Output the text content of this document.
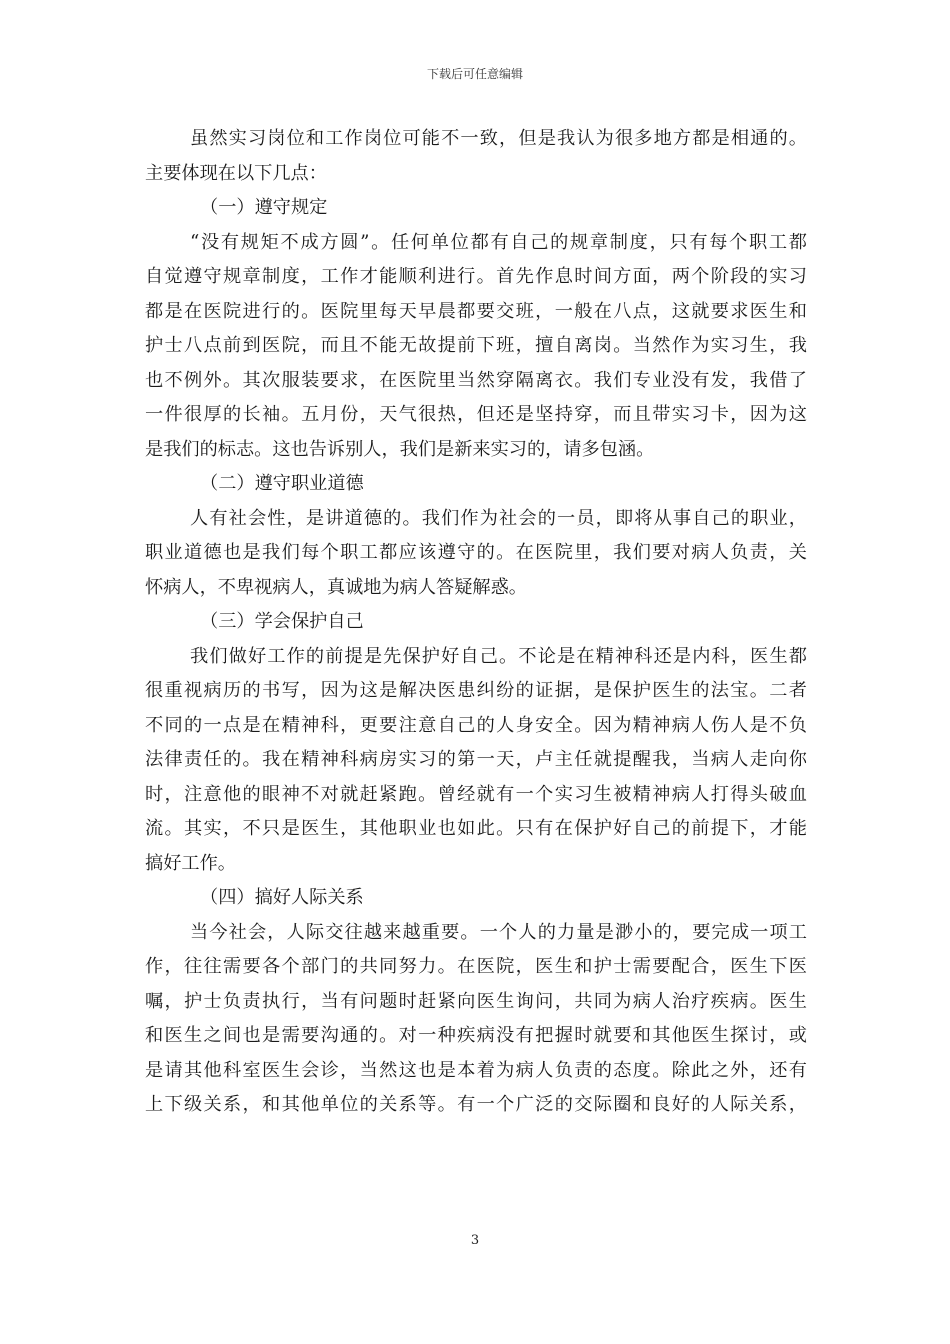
下载后可任意编辑
虽然实习岗位和工作岗位可能不一致，但是我认为很多地方都是相通的。
主要体现在以下几点：
（一）遵守规定
“没有规矩不成方圆”。任何单位都有自己的规章制度，只有每个职工都
自觉遵守规章制度，工作才能顺利进行。首先作息时间方面，两个阶段的实习
都是在医院进行的。医院里每天早晨都要交班，一般在八点，这就要求医生和
护士八点前到医院，而且不能无故提前下班，擅自离岗。当然作为实习生，我
也不例外。其次服装要求，在医院里当然穿隔离衣。我们专业没有发，我借了
一件很厚的长袖。五月份，天气很热，但还是坚持穿，而且带实习卡，因为这
是我们的标志。这也告诉别人，我们是新来实习的，请多包涵。
（二）遵守职业道德
人有社会性，是讲道德的。我们作为社会的一员，即将从事自己的职业，
职业道德也是我们每个职工都应该遵守的。在医院里，我们要对病人负责，关
怀病人，不卑视病人，真诚地为病人答疑解惑。
（三）学会保护自己
我们做好工作的前提是先保护好自己。不论是在精神科还是内科，医生都
很重视病历的书写，因为这是解决医患纠纷的证据，是保护医生的法宝。二者
不同的一点是在精神科，更要注意自己的人身安全。因为精神病人伤人是不负
法律责任的。我在精神科病房实习的第一天，卢主任就提醒我，当病人走向你
时，注意他的眼神不对就赶紧跑。曾经就有一个实习生被精神病人打得头破血
流。其实，不只是医生，其他职业也如此。只有在保护好自己的前提下，才能
搞好工作。
（四）搞好人际关系
当今社会，人际交往越来越重要。一个人的力量是渺小的，要完成一项工
作，往往需要各个部门的共同努力。在医院，医生和护士需要配合，医生下医
嘱，护士负责执行，当有问题时赶紧向医生询问，共同为病人治疗疾病。医生
和医生之间也是需要沟通的。对一种疾病没有把握时就要和其他医生探讨，或
是请其他科室医生会诊，当然这也是本着为病人负责的态度。除此之外，还有
上下级关系，和其他单位的关系等。有一个广泛的交际圈和良好的人际关系，
3
